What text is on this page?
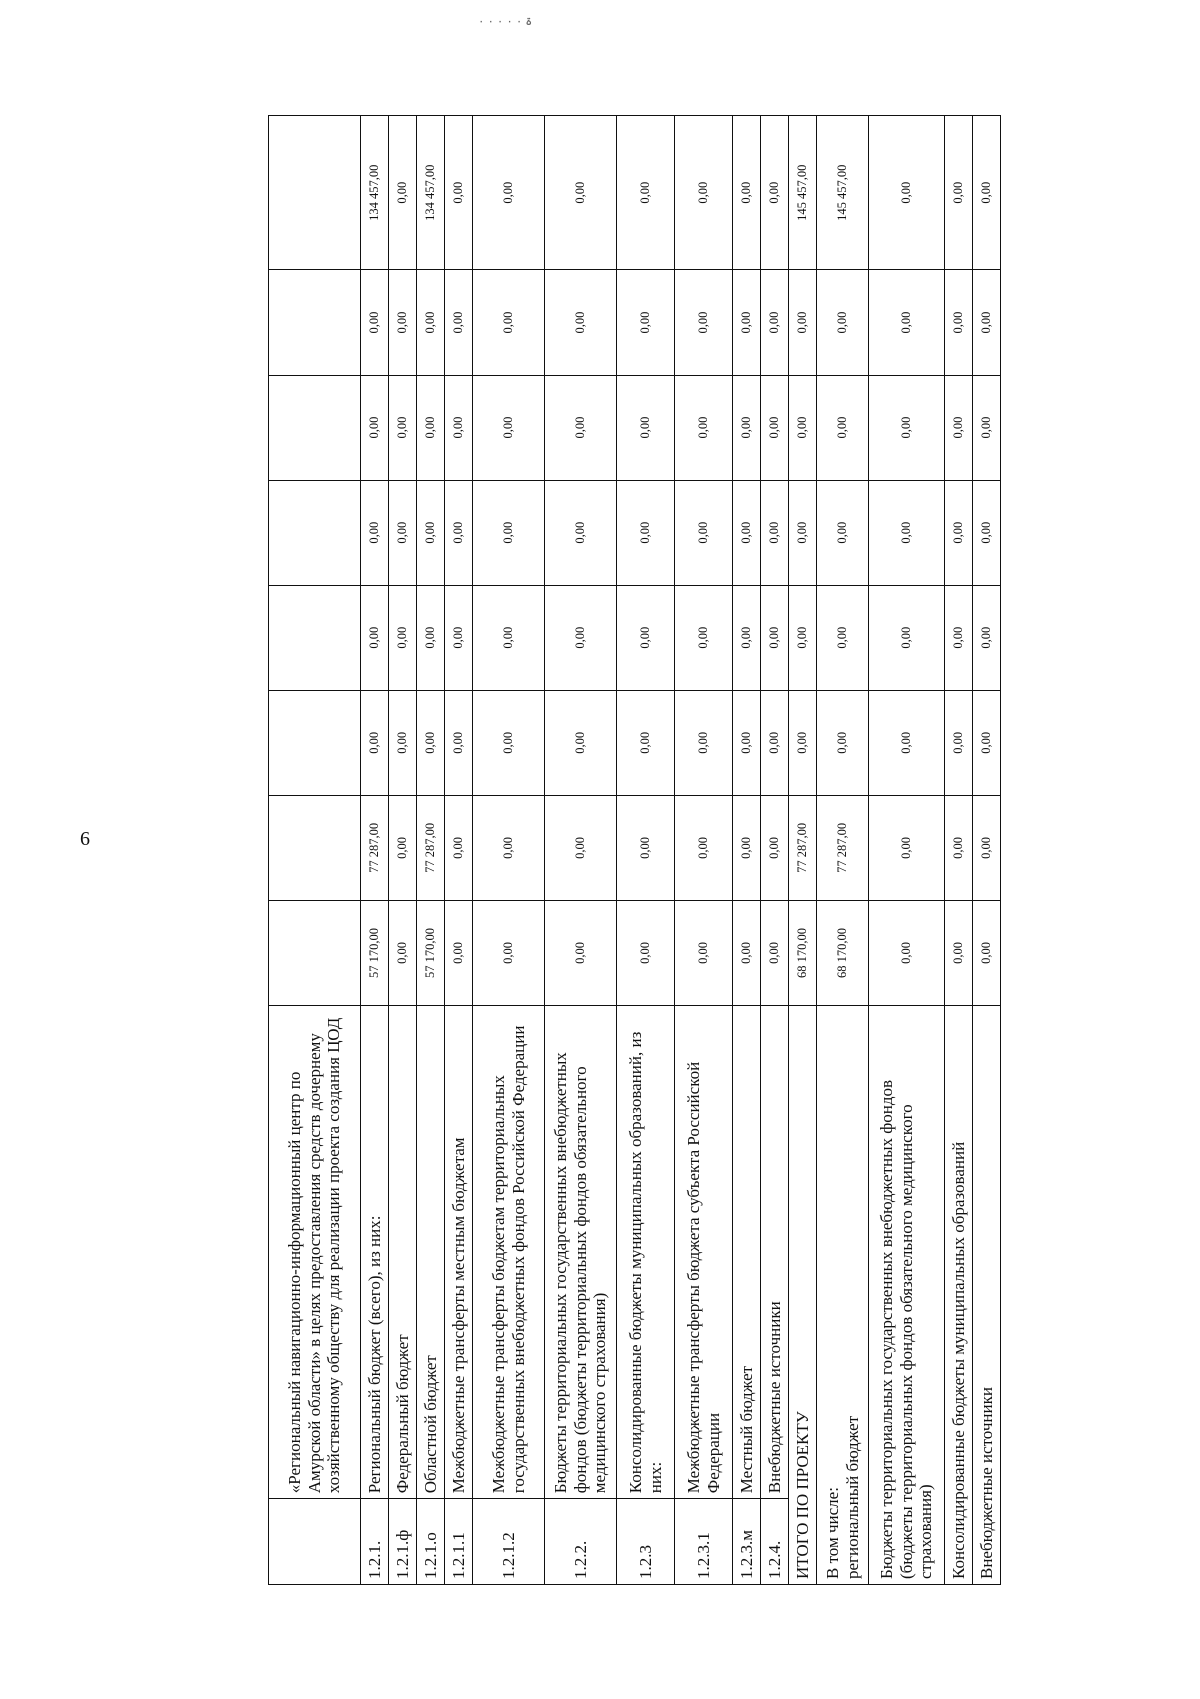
ۃ ۰ ۰ ۰ ۰ ۰
6
	«Региональный навигационно-информационный центр по Амурской области» в целях предоставления средств дочернему хозяйственному обществу для реализации проекта создания ЦОД								
1.2.1.	Региональный бюджет (всего), из них:	57 170,00	77 287,00	0,00	0,00	0,00	0,00	0,00	134 457,00
1.2.1.ф	Федеральный бюджет	0,00	0,00	0,00	0,00	0,00	0,00	0,00	0,00
1.2.1.о	Областной бюджет	57 170,00	77 287,00	0,00	0,00	0,00	0,00	0,00	134 457,00
1.2.1.1	Межбюджетные трансферты местным бюджетам	0,00	0,00	0,00	0,00	0,00	0,00	0,00	0,00
1.2.1.2	Межбюджетные трансферты бюджетам территориальных государственных внебюджетных фондов Российской Федерации	0,00	0,00	0,00	0,00	0,00	0,00	0,00	0,00
1.2.2.	Бюджеты территориальных государственных внебюджетных фондов (бюджеты территориальных фондов обязательного медицинского страхования)	0,00	0,00	0,00	0,00	0,00	0,00	0,00	0,00
1.2.3	Консолидированные бюджеты муниципальных образований, из них:	0,00	0,00	0,00	0,00	0,00	0,00	0,00	0,00
1.2.3.1	Межбюджетные трансферты бюджета субъекта Российской Федерации	0,00	0,00	0,00	0,00	0,00	0,00	0,00	0,00
1.2.3.м	Местный бюджет	0,00	0,00	0,00	0,00	0,00	0,00	0,00	0,00
1.2.4.	Внебюджетные источники	0,00	0,00	0,00	0,00	0,00	0,00	0,00	0,00
ИТОГО ПО ПРОЕКТУ		68 170,00	77 287,00	0,00	0,00	0,00	0,00	0,00	145 457,00
В том числе:
региональный бюджет		68 170,00	77 287,00	0,00	0,00	0,00	0,00	0,00	145 457,00
Бюджеты территориальных государственных внебюджетных фондов (бюджеты территориальных фондов обязательного медицинского страхования)		0,00	0,00	0,00	0,00	0,00	0,00	0,00	0,00
Консолидированные бюджеты муниципальных образований		0,00	0,00	0,00	0,00	0,00	0,00	0,00	0,00
Внебюджетные источники		0,00	0,00	0,00	0,00	0,00	0,00	0,00	0,00
